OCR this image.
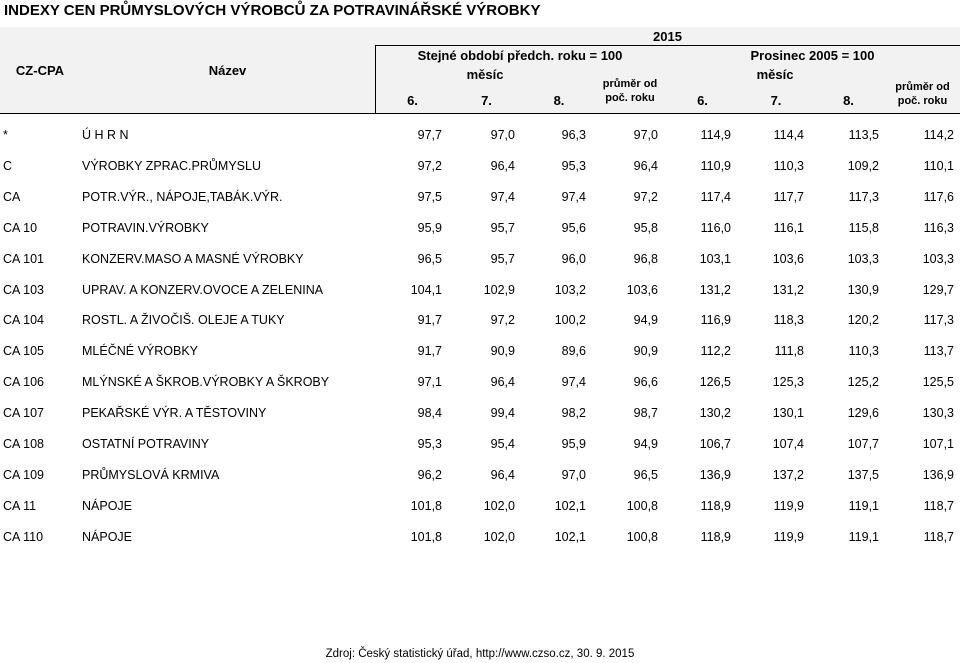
INDEXY CEN PRŮMYSLOVÝCH VÝROBCŮ ZA POTRAVINÁŘSKÉ VÝROBKY
2015
CZ-CPA	Název
Stejné období předch. roku = 100	Prosinec 2005 = 100
měsíc	měsíc
6.	7.	8.
průměr od
poč. roku	6.	7.	8.
průměr od
poč. roku
*	Ú H R N	97,7	97,0	96,3	97,0	114,9	114,4	113,5	114,2
C	VÝROBKY ZPRAC.PRŮMYSLU	97,2	96,4	95,3	96,4	110,9	110,3	109,2	110,1
CA	POTR.VÝR., NÁPOJE,TABÁK.VÝR.	97,5	97,4	97,4	97,2	117,4	117,7	117,3	117,6
CA 10	POTRAVIN.VÝROBKY	95,9	95,7	95,6	95,8	116,0	116,1	115,8	116,3
CA 101	KONZERV.MASO A MASNÉ VÝROBKY	96,5	95,7	96,0	96,8	103,1	103,6	103,3	103,3
CA 103	UPRAV. A KONZERV.OVOCE A ZELENINA	104,1	102,9	103,2	103,6	131,2	131,2	130,9	129,7
CA 104	ROSTL. A ŽIVOČIŠ. OLEJE A TUKY	91,7	97,2	100,2	94,9	116,9	118,3	120,2	117,3
CA 105	MLÉČNÉ VÝROBKY	91,7	90,9	89,6	90,9	112,2	111,8	110,3	113,7
CA 106	MLÝNSKÉ A ŠKROB.VÝROBKY A ŠKROBY	97,1	96,4	97,4	96,6	126,5	125,3	125,2	125,5
CA 107	PEKAŘSKÉ VÝR. A TĚSTOVINY	98,4	99,4	98,2	98,7	130,2	130,1	129,6	130,3
CA 108	OSTATNÍ POTRAVINY	95,3	95,4	95,9	94,9	106,7	107,4	107,7	107,1
CA 109	PRŮMYSLOVÁ KRMIVA	96,2	96,4	97,0	96,5	136,9	137,2	137,5	136,9
CA 11	NÁPOJE	101,8	102,0	102,1	100,8	118,9	119,9	119,1	118,7
CA 110	NÁPOJE	101,8	102,0	102,1	100,8	118,9	119,9	119,1	118,7
Zdroj: Český statistický úřad, http://www.czso.cz, 30. 9. 2015
